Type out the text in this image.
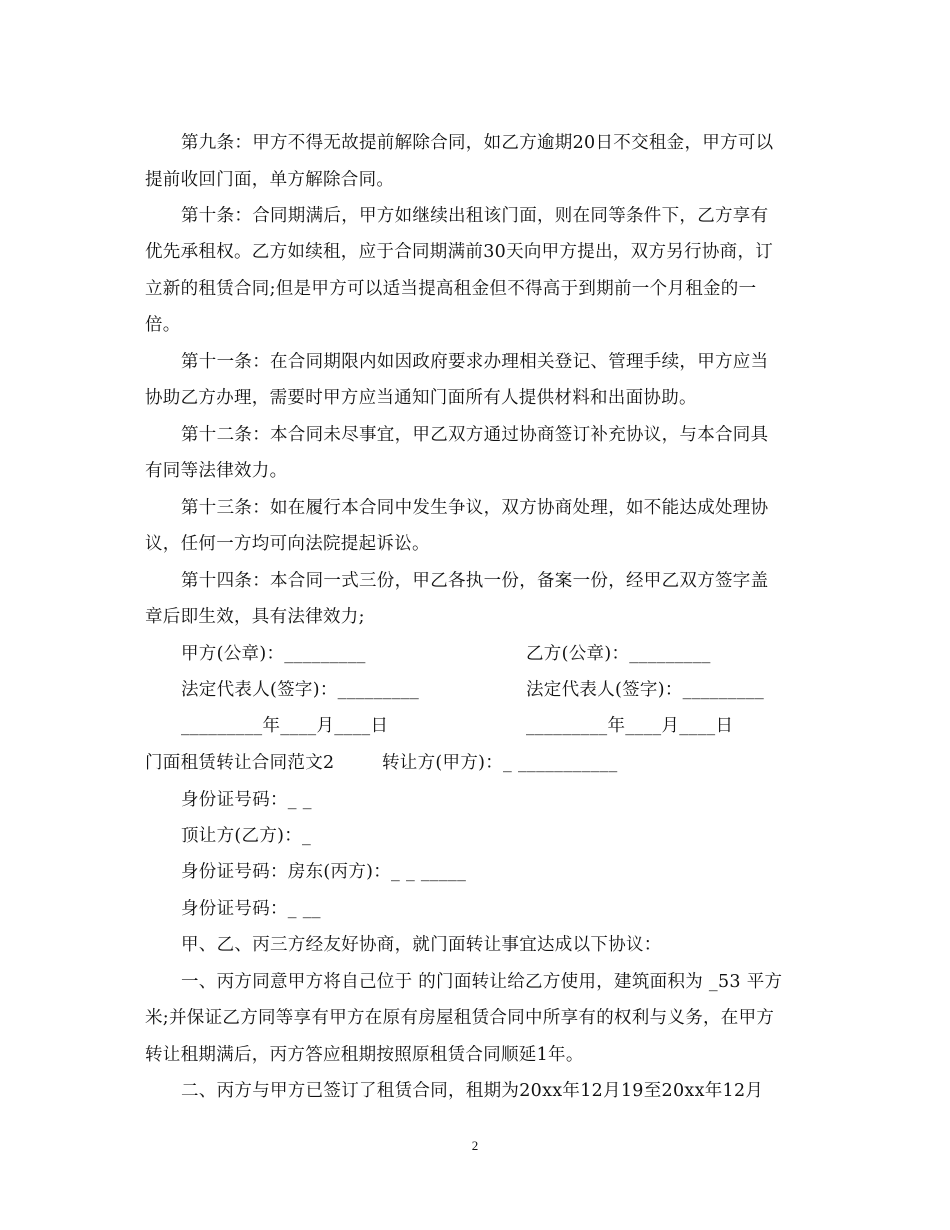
第九条：甲方不得无故提前解除合同，如乙方逾期20日不交租金，甲方可以
提前收回门面，单方解除合同。
第十条：合同期满后，甲方如继续出租该门面，则在同等条件下，乙方享有
优先承租权。乙方如续租，应于合同期满前30天向甲方提出，双方另行协商，订
立新的租赁合同;但是甲方可以适当提高租金但不得高于到期前一个月租金的一
倍。
第十一条：在合同期限内如因政府要求办理相关登记、管理手续，甲方应当
协助乙方办理，需要时甲方应当通知门面所有人提供材料和出面协助。
第十二条：本合同未尽事宜，甲乙双方通过协商签订补充协议，与本合同具
有同等法律效力。
第十三条：如在履行本合同中发生争议，双方协商处理，如不能达成处理协
议，任何一方均可向法院提起诉讼。
第十四条：本合同一式三份，甲乙各执一份，备案一份，经甲乙双方签字盖
章后即生效，具有法律效力;
甲方(公章)：_________	乙方(公章)：_________
法定代表人(签字)：_________	法定代表人(签字)：_________
_________年____月____日	_________年____月____日
门面租赁转让合同范文2	转让方(甲方)：_ ___________
身份证号码：_ _
顶让方(乙方)：_
身份证号码：房东(丙方)：_ _ _____
身份证号码：_ __
甲、乙、丙三方经友好协商，就门面转让事宜达成以下协议：
一、丙方同意甲方将自己位于 的门面转让给乙方使用，建筑面积为 _53 平方
米;并保证乙方同等享有甲方在原有房屋租赁合同中所享有的权利与义务，在甲方
转让租期满后，丙方答应租期按照原租赁合同顺延1年。
二、丙方与甲方已签订了租赁合同，租期为20xx年12月19至20xx年12月
2
